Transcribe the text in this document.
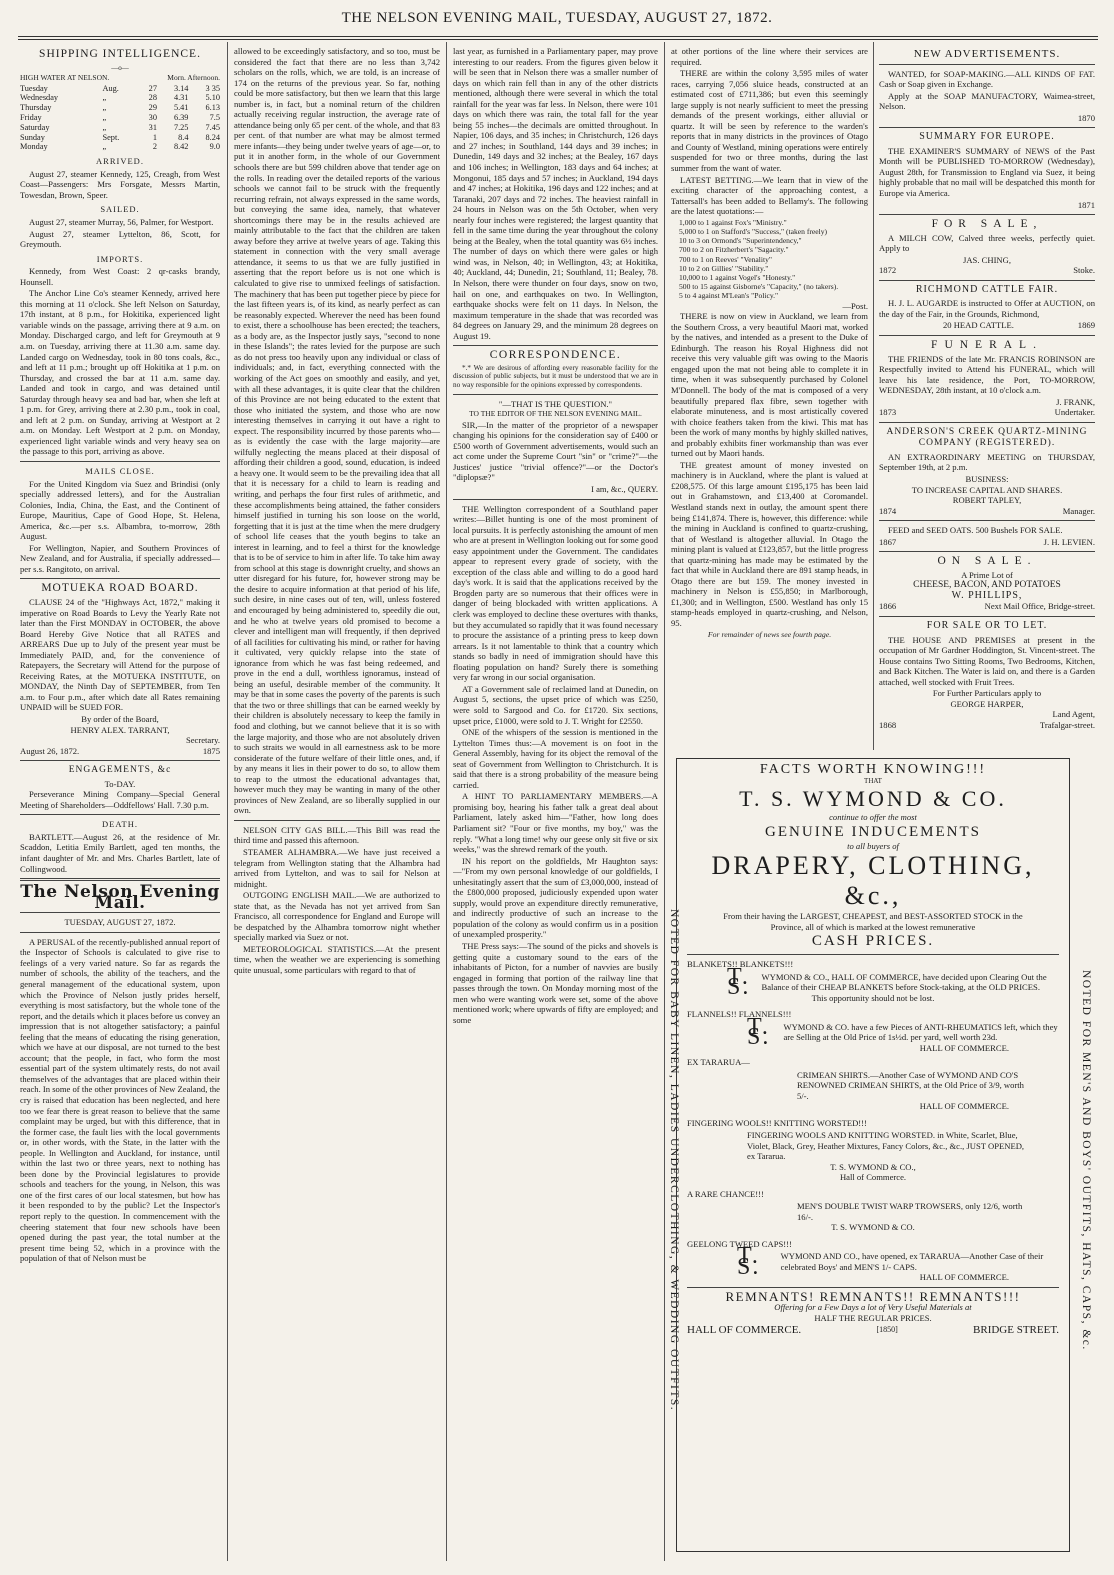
THE NELSON EVENING MAIL, TUESDAY, AUGUST 27, 1872.
SHIPPING INTELLIGENCE.
—o—
HIGH WATER AT NELSON.	Morn. Afternoon.
Tuesday	Aug.	27	3.14	3 35
Wednesday	„	28	4.31	5.10
Thursday	„	29	5.41	6.13
Friday	„	30	6.39	7.5
Saturday	„	31	7.25	7.45
Sunday	Sept.	1	8.4	8.24
Monday	„	2	8.42	9.0
ARRIVED.

August 27, steamer Kennedy, 125, Creagh, from West Coast—Passengers: Mrs Forsgate, Messrs Martin, Towesdan, Brown, Speer.

SAILED.

August 27, steamer Murray, 56, Palmer, for Westport.

August 27, steamer Lyttelton, 86, Scott, for Greymouth.

IMPORTS.

Kennedy, from West Coast: 2 qr-casks brandy, Hounsell.

The Anchor Line Co's steamer Kennedy, arrived here this morning at 11 o'clock. She left Nelson on Saturday, 17th instant, at 8 p.m., for Hokitika, experienced light variable winds on the passage, arriving there at 9 a.m. on Monday. Discharged cargo, and left for Greymouth at 9 a.m. on Tuesday, arriving there at 11.30 a.m. same day. Landed cargo on Wednesday, took in 80 tons coals, &c., and left at 11 p.m.; brought up off Hokitika at 1 p.m. on Thursday, and crossed the bar at 11 a.m. same day. Landed and took in cargo, and was detained until Saturday through heavy sea and bad bar, when she left at 1 p.m. for Grey, arriving there at 2.30 p.m., took in coal, and left at 2 p.m. on Sunday, arriving at Westport at 2 a.m. on Monday. Left Westport at 2 p.m. on Monday, experienced light variable winds and very heavy sea on the passage to this port, arriving as above.

MAILS CLOSE.

For the United Kingdom via Suez and Brindisi (only specially addressed letters), and for the Australian Colonies, India, China, the East, and the Continent of Europe, Mauritius, Cape of Good Hope, St. Helena, America, &c.—per s.s. Albambra, to-morrow, 28th August.

For Wellington, Napier, and Southern Provinces of New Zealand, and for Australia, if specially addressed—per s.s. Rangitoto, on arrival.

MOTUEKA ROAD BOARD.

CLAUSE 24 of the "Highways Act, 1872," making it imperative on Road Boards to Levy the Yearly Rate not later than the First MONDAY in OCTOBER, the above Board Hereby Give Notice that all RATES and ARREARS Due up to July of the present year must be Immediately PAID, and, for the convenience of Ratepayers, the Secretary will Attend for the purpose of Receiving Rates, at the MOTUEKA INSTITUTE, on MONDAY, the Ninth Day of SEPTEMBER, from Ten a.m. to Four p.m., after which date all Rates remaining UNPAID will be SUED FOR.

By order of the Board,
HENRY ALEX. TARRANT,
Secretary.
August 26, 1872.	1875
ENGAGEMENTS, &c
To-DAY.

Perseverance Mining Company—Special General Meeting of Shareholders—Oddfellows' Hall. 7.30 p.m.

DEATH.

BARTLETT.—August 26, at the residence of Mr. Scaddon, Letitia Emily Bartlett, aged ten months, the infant daughter of Mr. and Mrs. Charles Bartlett, late of Collingwood.

The Nelson Evening Mail.
TUESDAY, AUGUST 27, 1872.

A PERUSAL of the recently-published annual report of the Inspector of Schools is calculated to give rise to feelings of a very varied nature. So far as regards the number of schools, the ability of the teachers, and the general management of the educational system, upon which the Province of Nelson justly prides herself, everything is most satisfactory, but the whole tone of the report, and the details which it places before us convey an impression that is not altogether satisfactory; a painful feeling that the means of educating the rising generation, which we have at our disposal, are not turned to the best account; that the people, in fact, who form the most essential part of the system ultimately rests, do not avail themselves of the advantages that are placed within their reach. In some of the other provinces of New Zealand, the cry is raised that education has been neglected, and here too we fear there is great reason to believe that the same complaint may be urged, but with this difference, that in the former case, the fault lies with the local governments or, in other words, with the State, in the latter with the people. In Wellington and Auckland, for instance, until within the last two or three years, next to nothing has been done by the Provincial legislatures to provide schools and teachers for the young, in Nelson, this was one of the first cares of our local statesmen, but how has it been responded to by the public? Let the Inspector's report reply to the question. In commencement with the cheering statement that four new schools have been opened during the past year, the total number at the present time being 52, which in a province with the population of that of Nelson must be

allowed to be exceedingly satisfactory, and so too, must be considered the fact that there are no less than 3,742 scholars on the rolls, which, we are told, is an increase of 174 on the returns of the previous year. So far, nothing could be more satisfactory, but then we learn that this large number is, in fact, but a nominal return of the children actually receiving regular instruction, the average rate of attendance being only 65 per cent. of the whole, and that 83 per cent. of that number are what may be almost termed mere infants—they being under twelve years of age—or, to put it in another form, in the whole of our Government schools there are but 599 children above that tender age on the rolls. In reading over the detailed reports of the various schools we cannot fail to be struck with the frequently recurring refrain, not always expressed in the same words, but conveying the same idea, namely, that whatever shortcomings there may be in the results achieved are mainly attributable to the fact that the children are taken away before they arrive at twelve years of age. Taking this statement in connection with the very small average attendance, it seems to us that we are fully justified in asserting that the report before us is not one which is calculated to give rise to unmixed feelings of satisfaction. The machinery that has been put together piece by piece for the last fifteen years is, of its kind, as nearly perfect as can be reasonably expected. Wherever the need has been found to exist, there a schoolhouse has been erected; the teachers, as a body are, as the Inspector justly says, "second to none in these Islands"; the rates levied for the purpose are such as do not press too heavily upon any individual or class of individuals; and, in fact, everything connected with the working of the Act goes on smoothly and easily, and yet, with all these advantages, it is quite clear that the children of this Province are not being educated to the extent that those who initiated the system, and those who are now interesting themselves in carrying it out have a right to expect. The responsibility incurred by those parents who—as is evidently the case with the large majority—are wilfully neglecting the means placed at their disposal of affording their children a good, sound, education, is indeed a heavy one. It would seem to be the prevailing idea that all that it is necessary for a child to learn is reading and writing, and perhaps the four first rules of arithmetic, and these accomplishments being attained, the father considers himself justified in turning his son loose on the world, forgetting that it is just at the time when the mere drudgery of school life ceases that the youth begins to take an interest in learning, and to feel a thirst for the knowledge that is to be of service to him in after life. To take him away from school at this stage is downright cruelty, and shows an utter disregard for his future, for, however strong may be the desire to acquire information at that period of his life, such desire, in nine cases out of ten, will, unless fostered and encouraged by being administered to, speedily die out, and he who at twelve years old promised to become a clever and intelligent man will frequently, if then deprived of all facilities for cultivating his mind, or rather for having it cultivated, very quickly relapse into the state of ignorance from which he was fast being redeemed, and prove in the end a dull, worthless ignoramus, instead of being an useful, desirable member of the community. It may be that in some cases the poverty of the parents is such that the two or three shillings that can be earned weekly by their children is absolutely necessary to keep the family in food and clothing, but we cannot believe that it is so with the large majority, and those who are not absolutely driven to such straits we would in all earnestness ask to be more considerate of the future welfare of their little ones, and, if by any means it lies in their power to do so, to allow them to reap to the utmost the educational advantages that, however much they may be wanting in many of the other provinces of New Zealand, are so liberally supplied in our own.

NELSON CITY GAS BILL.—This Bill was read the third time and passed this afternoon.

STEAMER ALHAMBRA.—We have just received a telegram from Wellington stating that the Alhambra had arrived from Lyttelton, and was to sail for Nelson at midnight.

OUTGOING ENGLISH MAIL.—We are authorized to state that, as the Nevada has not yet arrived from San Francisco, all correspondence for England and Europe will be despatched by the Alhambra tomorrow night whether specially marked via Suez or not.

METEOROLOGICAL STATISTICS.—At the present time, when the weather we are experiencing is something quite unusual, some particulars with regard to that of

last year, as furnished in a Parliamentary paper, may prove interesting to our readers. From the figures given below it will be seen that in Nelson there was a smaller number of days on which rain fell than in any of the other districts mentioned, although there were several in which the total rainfall for the year was far less. In Nelson, there were 101 days on which there was rain, the total fall for the year being 55 inches—the decimals are omitted throughout. In Napier, 106 days, and 35 inches; in Christchurch, 126 days and 27 inches; in Southland, 144 days and 39 inches; in Dunedin, 149 days and 32 inches; at the Bealey, 167 days and 106 inches; in Wellington, 183 days and 64 inches; at Mongonui, 185 days and 57 inches; in Auckland, 194 days and 47 inches; at Hokitika, 196 days and 122 inches; and at Taranaki, 207 days and 72 inches. The heaviest rainfall in 24 hours in Nelson was on the 5th October, when very nearly four inches were registered; the largest quantity that fell in the same time during the year throughout the colony being at the Bealey, when the total quantity was 6½ inches. The number of days on which there were gales or high wind was, in Nelson, 40; in Wellington, 43; at Hokitika, 40; Auckland, 44; Dunedin, 21; Southland, 11; Bealey, 78. In Nelson, there were thunder on four days, snow on two, hail on one, and earthquakes on two. In Wellington, earthquake shocks were felt on 11 days. In Nelson, the maximum temperature in the shade that was recorded was 84 degrees on January 29, and the minimum 28 degrees on August 19.

CORRESPONDENCE.

*.* We are desirous of affording every reasonable facility for the discussion of public subjects, but it must be understood that we are in no way responsible for the opinions expressed by correspondents.

"—THAT IS THE QUESTION."
TO THE EDITOR OF THE NELSON EVENING MAIL.

SIR,—In the matter of the proprietor of a newspaper changing his opinions for the consideration say of £400 or £500 worth of Government advertisements, would such an act come under the Supreme Court "sin" or "crime?"—the Justices' justice "trivial offence?"—or the Doctor's "diplopsæ?"

I am, &c., QUERY.

THE Wellington correspondent of a Southland paper writes:—Billet hunting is one of the most prominent of local pursuits. It is perfectly astonishing the amount of men who are at present in Wellington looking out for some good easy appointment under the Government. The candidates appear to represent every grade of society, with the exception of the class able and willing to do a good hard day's work. It is said that the applications received by the Brogden party are so numerous that their offices were in danger of being blockaded with written applications. A clerk was employed to decline these overtures with thanks, but they accumulated so rapidly that it was found necessary to procure the assistance of a printing press to keep down arrears. Is it not lamentable to think that a country which stands so badly in need of immigration should have this floating population on hand? Surely there is something very far wrong in our social organisation.

AT a Government sale of reclaimed land at Dunedin, on August 5, sections, the upset price of which was £250, were sold to Sargood and Co. for £1720. Six sections, upset price, £1000, were sold to J. T. Wright for £2550.

ONE of the whispers of the session is mentioned in the Lyttelton Times thus:—A movement is on foot in the General Assembly, having for its object the removal of the seat of Government from Wellington to Christchurch. It is said that there is a strong probability of the measure being carried.

A HINT TO PARLIAMENTARY MEMBERS.—A promising boy, hearing his father talk a great deal about Parliament, lately asked him—"Father, how long does Parliament sit? "Four or five months, my boy," was the reply. "What a long time! why our geese only sit five or six weeks," was the shrewd remark of the youth.

IN his report on the goldfields, Mr Haughton says:—"From my own personal knowledge of our goldfields, I unhesitatingly assert that the sum of £3,000,000, instead of the £800,000 proposed, judiciously expended upon water supply, would prove an expenditure directly remunerative, and indirectly productive of such an increase to the population of the colony as would confirm us in a position of unexampled prosperity."

THE Press says:—The sound of the picks and shovels is getting quite a customary sound to the ears of the inhabitants of Picton, for a number of navvies are busily engaged in forming that portion of the railway line that passes through the town. On Monday morning most of the men who were wanting work were set, some of the above mentioned work; where upwards of fifty are employed; and some

at other portions of the line where their services are required.

THERE are within the colony 3,595 miles of water races, carrying 7,056 sluice heads, constructed at an estimated cost of £711,386; but even this seemingly large supply is not nearly sufficient to meet the pressing demands of the present workings, either alluvial or quartz. It will be seen by reference to the warden's reports that in many districts in the provinces of Otago and County of Westland, mining operations were entirely suspended for two or three months, during the last summer from the want of water.

LATEST BETTING.—We learn that in view of the exciting character of the approaching contest, a Tattersall's has been added to Bellamy's. The following are the latest quotations:—

1,000 to 1 against Fox's "Ministry."
5,000 to 1 on Stafford's "Success," (taken freely)
10 to 3 on Ormond's "Superintendency,"
700 to 2 on Fitzherbert's "Sagacity."
700 to 1 on Reeves' "Venality"
10 to 2 on Gillies' "Stability."
10,000 to 1 against Vogel's "Honesty."
500 to 15 against Gisborne's "Capacity," (no takers).
5 to 4 against M'Lean's "Policy."
—Post.

THERE is now on view in Auckland, we learn from the Southern Cross, a very beautiful Maori mat, worked by the natives, and intended as a present to the Duke of Edinburgh. The reason his Royal Highness did not receive this very valuable gift was owing to the Maoris engaged upon the mat not being able to complete it in time, when it was subsequently purchased by Colonel M'Donnell. The body of the mat is composed of a very beautifully prepared flax fibre, sewn together with elaborate minuteness, and is most artistically covered with choice feathers taken from the kiwi. This mat has been the work of many months by highly skilled natives, and probably exhibits finer workmanship than was ever turned out by Maori hands.

THE greatest amount of money invested on machinery is in Auckland, where the plant is valued at £208,575. Of this large amount £195,175 has been laid out in Grahamstown, and £13,400 at Coromandel. Westland stands next in outlay, the amount spent there being £141,874. There is, however, this difference: while the mining in Auckland is confined to quartz-crushing, that of Westland is altogether alluvial. In Otago the mining plant is valued at £123,857, but the little progress that quartz-mining has made may be estimated by the fact that while in Auckland there are 891 stamp heads, in Otago there are but 159. The money invested in machinery in Nelson is £55,850; in Marlborough, £1,300; and in Wellington, £500. Westland has only 15 stamp-heads employed in quartz-crushing, and Nelson, 95.

For remainder of news see fourth page.
NEW ADVERTISEMENTS.

WANTED, for SOAP-MAKING.—ALL KINDS OF FAT. Cash or Soap given in Exchange.

Apply at the SOAP MANUFACTORY, Waimea-street, Nelson.

1870
SUMMARY FOR EUROPE.

THE EXAMINER'S SUMMARY of NEWS of the Past Month will be PUBLISHED TO-MORROW (Wednesday), August 28th, for Transmission to England via Suez, it being highly probable that no mail will be despatched this month for Europe via America.

1871
FOR SALE,

A MILCH COW, Calved three weeks, perfectly quiet. Apply to

JAS. CHING,
1872	Stoke.
RICHMOND CATTLE FAIR.

H. J. L. AUGARDE is instructed to Offer at AUCTION, on the day of the Fair, in the Grounds, Richmond,

20 HEAD CATTLE.	1869
FUNERAL.

THE FRIENDS of the late Mr. FRANCIS ROBINSON are Respectfully invited to Attend his FUNERAL, which will leave his late residence, the Port, TO-MORROW, WEDNESDAY, 28th instant, at 10 o'clock a.m.

J. FRANK,
1873	Undertaker.
ANDERSON'S CREEK QUARTZ-MINING COMPANY (REGISTERED).

AN EXTRAORDINARY MEETING on THURSDAY, September 19th, at 2 p.m.

BUSINESS:
TO INCREASE CAPITAL AND SHARES.
ROBERT TAPLEY,
1874	Manager.

FEED and SEED OATS. 500 Bushels FOR SALE.

1867	J. H. LEVIEN.
ON SALE.
A Prime Lot of
CHEESE, BACON, AND POTATOES
W. PHILLIPS,
1866	Next Mail Office, Bridge-street.
FOR SALE OR TO LET.

THE HOUSE AND PREMISES at present in the occupation of Mr Gardner Hoddington, St. Vincent-street. The House contains Two Sitting Rooms, Two Bedrooms, Kitchen, and Back Kitchen. The Water is laid on, and there is a Garden attached, well stocked with Fruit Trees.

For Further Particulars apply to
GEORGE HARPER,
Land Agent,
1868	Trafalgar-street.
NOTED FOR BABY LINEN, LADIES UNDERCLOTHING, & WEDDING OUTFITS.	NOTED FOR MEN'S AND BOYS' OUTFITS, HATS, CAPS, &c.
FACTS WORTH KNOWING!!!
THAT
T. S. WYMOND & CO.
continue to offer the most
GENUINE INDUCEMENTS
to all buyers of
DRAPERY, CLOTHING, &c.,
From their having the LARGEST, CHEAPEST, and BEST-ASSORTED STOCK in the Province, all of which is marked at the lowest remunerative
CASH PRICES.
BLANKETS!! BLANKETS!!!
T. S.	WYMOND & CO., HALL OF COMMERCE, have decided upon Clearing Out the Balance of their CHEAP BLANKETS before Stock-taking, at the OLD PRICES.
This opportunity should not be lost.
FLANNELS!! FLANNELS!!!
T. S.	WYMOND & CO. have a few Pieces of ANTI-RHEUMATICS left, which they are Selling at the Old Price of 1s½d. per yard, well worth 23d.
HALL OF COMMERCE.
EX TARARUA—
CRIMEAN SHIRTS.—Another Case of WYMOND AND CO'S RENOWNED CRIMEAN SHIRTS, at the Old Price of 3/9, worth 5/-.
HALL OF COMMERCE.
FINGERING WOOLS!! KNITTING WORSTED!!!
FINGERING WOOLS AND KNITTING WORSTED. in White, Scarlet, Blue, Violet, Black, Grey, Heather Mixtures, Fancy Colors, &c., &c., JUST OPENED, ex Tararua.
T. S. WYMOND & CO.,
Hall of Commerce.
A RARE CHANCE!!!
MEN'S DOUBLE TWIST WARP TROWSERS, only 12/6, worth 16/-.
T. S. WYMOND & CO.
GEELONG TWEED CAPS!!!
T. S.	WYMOND AND CO., have opened, ex TARARUA—Another Case of their celebrated Boys' and MEN'S 1/- CAPS.
HALL OF COMMERCE.
REMNANTS! REMNANTS!! REMNANTS!!!
Offering for a Few Days a lot of Very Useful Materials at
HALF THE REGULAR PRICES.
HALL OF COMMERCE.	[1850]	BRIDGE STREET.
